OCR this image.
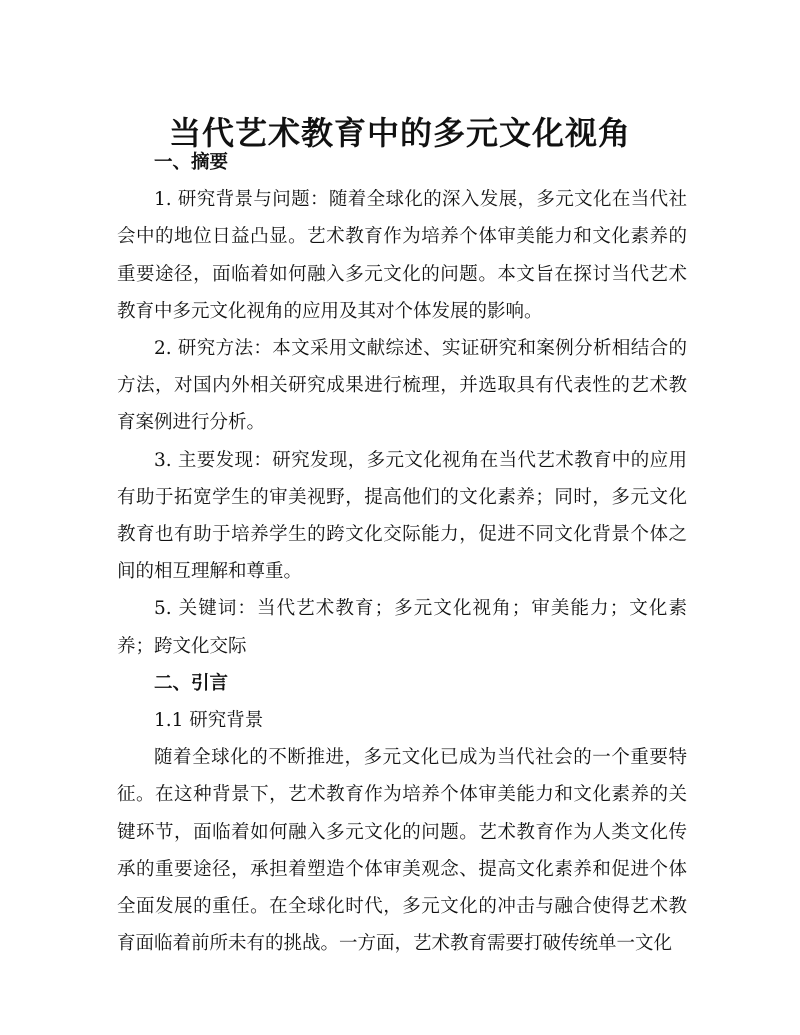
当代艺术教育中的多元文化视角

一、摘要

1. 研究背景与问题：随着全球化的深入发展，多元文化在当代社会中的地位日益凸显。艺术教育作为培养个体审美能力和文化素养的重要途径，面临着如何融入多元文化的问题。本文旨在探讨当代艺术教育中多元文化视角的应用及其对个体发展的影响。

2. 研究方法：本文采用文献综述、实证研究和案例分析相结合的方法，对国内外相关研究成果进行梳理，并选取具有代表性的艺术教育案例进行分析。

3. 主要发现：研究发现，多元文化视角在当代艺术教育中的应用有助于拓宽学生的审美视野，提高他们的文化素养；同时，多元文化教育也有助于培养学生的跨文化交际能力，促进不同文化背景个体之间的相互理解和尊重。

5. 关键词：当代艺术教育；多元文化视角；审美能力；文化素养；跨文化交际

二、引言

1.1 研究背景

随着全球化的不断推进，多元文化已成为当代社会的一个重要特征。在这种背景下，艺术教育作为培养个体审美能力和文化素养的关键环节，面临着如何融入多元文化的问题。艺术教育作为人类文化传承的重要途径，承担着塑造个体审美观念、提高文化素养和促进个体全面发展的重任。在全球化时代，多元文化的冲击与融合使得艺术教育面临着前所未有的挑战。一方面，艺术教育需要打破传统单一文化
